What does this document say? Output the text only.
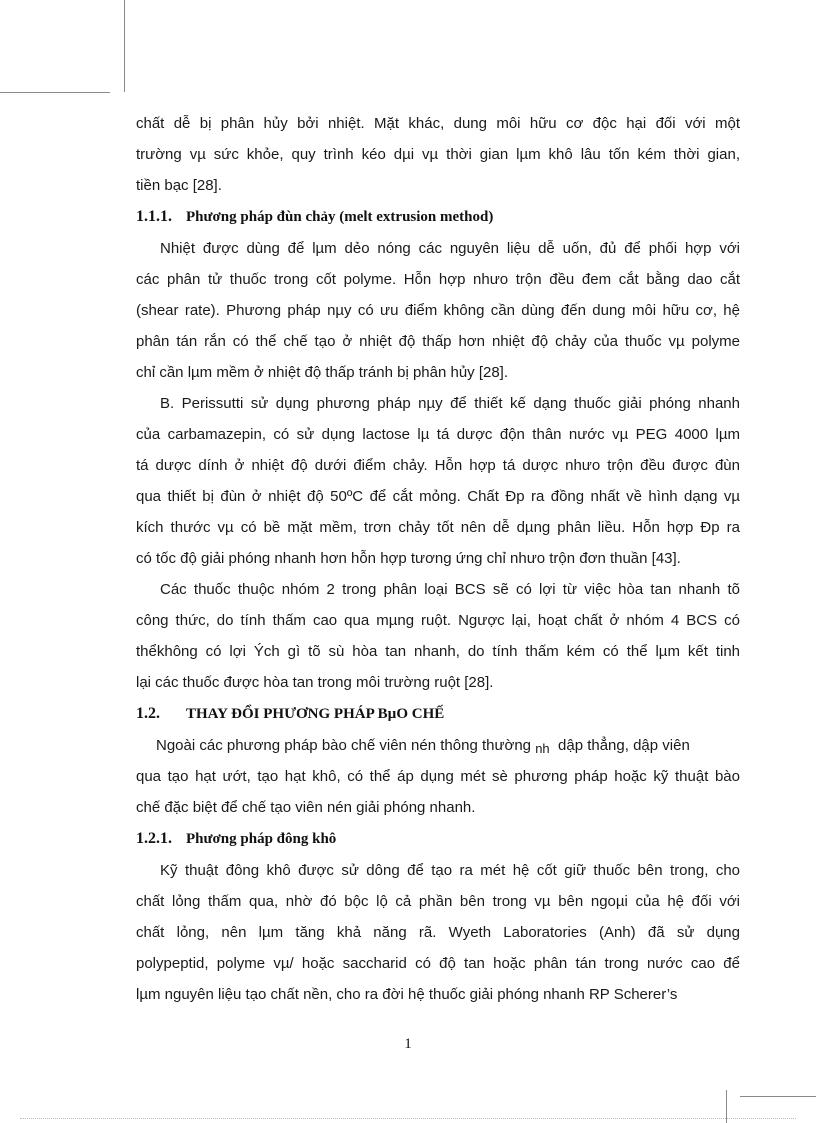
chất dễ bị phân hủy bởi nhiệt. Mặt khác, dung môi hữu cơ độc hại đối với một
trường vµ sức khỏe, quy trình kéo dµi vµ thời gian lµm khô lâu tốn kém thời gian,
tiền bạc [28].
1.1.1. Phương pháp đùn chảy (melt extrusion method)
Nhiệt được dùng để lµm dẻo nóng các nguyên liệu dễ uốn, đủ để phối hợp với
các phân tử thuốc trong cốt polyme. Hỗn hợp nhưo trộn đều đem cắt bằng dao cắt
(shear rate). Phương pháp nµy có ưu điểm không cần dùng đến dung môi hữu cơ, hệ
phân tán rắn có thể chế tạo ở nhiệt độ thấp hơn nhiệt độ chảy của thuốc vµ polyme
chỉ cần lµm mềm ở nhiệt độ thấp tránh bị phân hủy [28].
B. Perissutti sử dụng phương pháp nµy để thiết kế dạng thuốc giải phóng nhanh
của carbamazepin, có sử dụng lactose lµ tá dược độn thân nước vµ PEG 4000 lµm
tá dược dính ở nhiệt độ dưới điểm chảy. Hỗn hợp tá dược nhưo trộn đều được đùn
qua thiết bị đùn ở nhiệt độ 50ºC để cắt mỏng. Chất Ðp ra đồng nhất về hình dạng vµ
kích thước vµ có bề mặt mềm, trơn chảy tốt nên dễ dµng phân liều. Hỗn hợp Ðp ra
có tốc độ giải phóng nhanh hơn hỗn hợp tương ứng chỉ nhưo trộn đơn thuần [43].
Các thuốc thuộc nhóm 2 trong phân loại BCS sẽ có lợi từ việc hòa tan nhanh tõ
công thức, do tính thấm cao qua mµng ruột. Ngược lại, hoạt chất ở nhóm 4 BCS có
thểkhông có lợi Ých gì tõ sù hòa tan nhanh, do tính thấm kém có thể lµm kết tinh
lại các thuốc được hòa tan trong môi trường ruột [28].
1.2. THAY ĐỔI PHƯƠNG PHÁP BµO CHẾ
Ngoài các phương pháp bào chế viên nén thông thường nh dập thẳng, dập viên
qua tạo hạt ướt, tạo hạt khô, có thể áp dụng mét sè phương pháp hoặc kỹ thuật bào
chế đặc biệt để chế tạo viên nén giải phóng nhanh.
1.2.1. Phương pháp đông khô
Kỹ thuật đông khô được sử dông để tạo ra mét hệ cốt giữ thuốc bên trong, cho
chất lỏng thấm qua, nhờ đó bộc lộ cả phần bên trong vµ bên ngoµi của hệ đối với
chất lỏng, nên lµm tăng khả năng rã. Wyeth Laboratories (Anh) đã sử dụng
polypeptid, polyme vµ/ hoặc saccharid có độ tan hoặc phân tán trong nước cao để
lµm nguyên liệu tạo chất nền, cho ra đời hệ thuốc giải phóng nhanh RP Scherer’s
1
